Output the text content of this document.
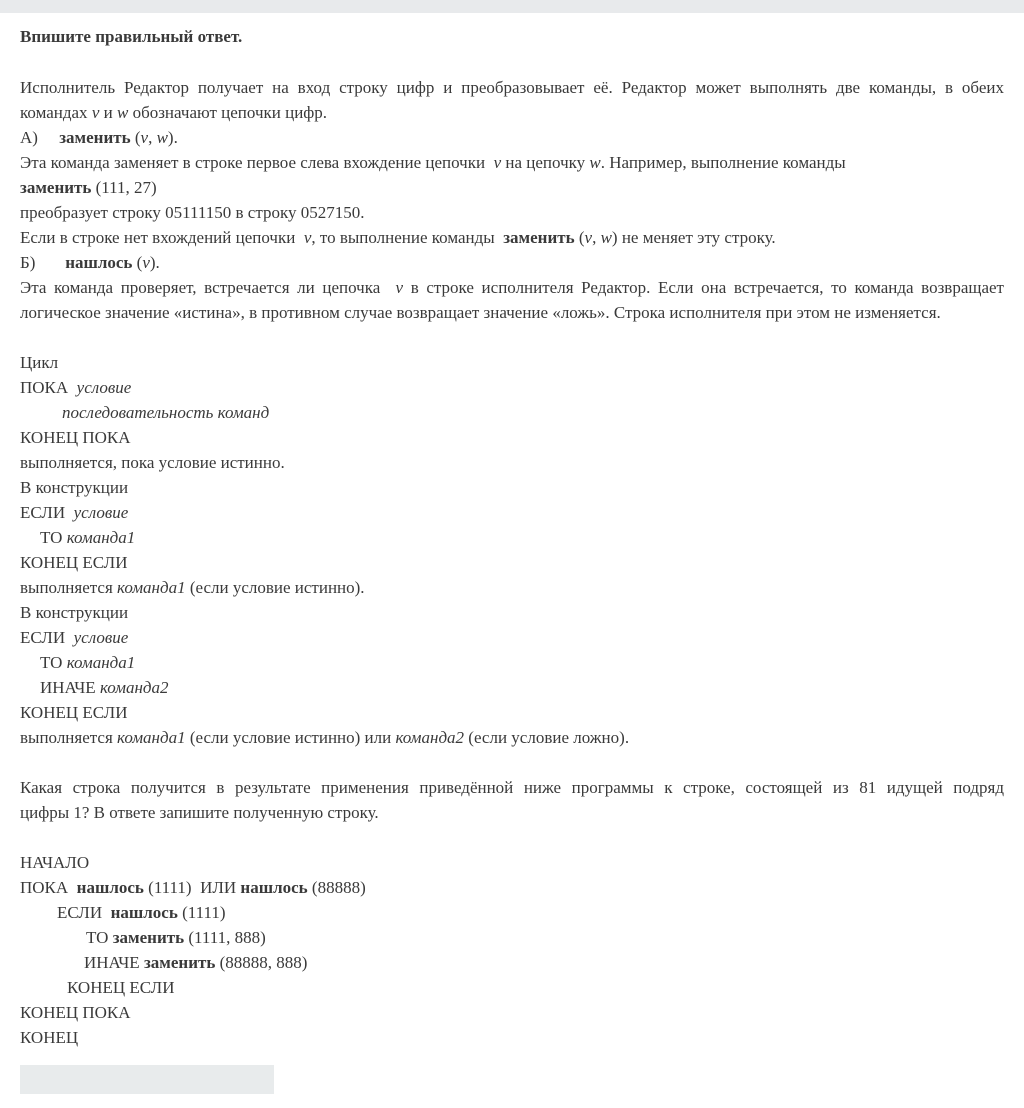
Впишите правильный ответ.
Исполнитель Редактор получает на вход строку цифр и преобразовывает её. Редактор может выполнять две команды, в обеих
командах v и w обозначают цепочки цифр.
А)     заменить (v, w).
Эта команда заменяет в строке первое слева вхождение цепочки  v на цепочку w. Например, выполнение команды
заменить (111, 27)
преобразует строку 05111150 в строку 0527150.
Если в строке нет вхождений цепочки  v, то выполнение команды  заменить (v, w) не меняет эту строку.
Б)       нашлось (v).
Эта команда проверяет, встречается ли цепочка  v в строке исполнителя Редактор. Если она встречается, то команда возвращает
логическое значение «истина», в противном случае возвращает значение «ложь». Строка исполнителя при этом не изменяется.
Цикл
ПОКА  условие
последовательность команд
КОНЕЦ ПОКА
выполняется, пока условие истинно.
В конструкции
ЕСЛИ  условие
ТО команда1
КОНЕЦ ЕСЛИ
выполняется команда1 (если условие истинно).
В конструкции
ЕСЛИ  условие
ТО команда1
ИНАЧЕ команда2
КОНЕЦ ЕСЛИ
выполняется команда1 (если условие истинно) или команда2 (если условие ложно).
Какая строка получится в результате применения приведённой ниже программы к строке, состоящей из 81 идущей подряд
цифры 1? В ответе запишите полученную строку.
НАЧАЛО
ПОКА  нашлось (1111)  ИЛИ нашлось (88888)
ЕСЛИ  нашлось (1111)
ТО заменить (1111, 888)
ИНАЧЕ заменить (88888, 888)
КОНЕЦ ЕСЛИ
КОНЕЦ ПОКА
КОНЕЦ
